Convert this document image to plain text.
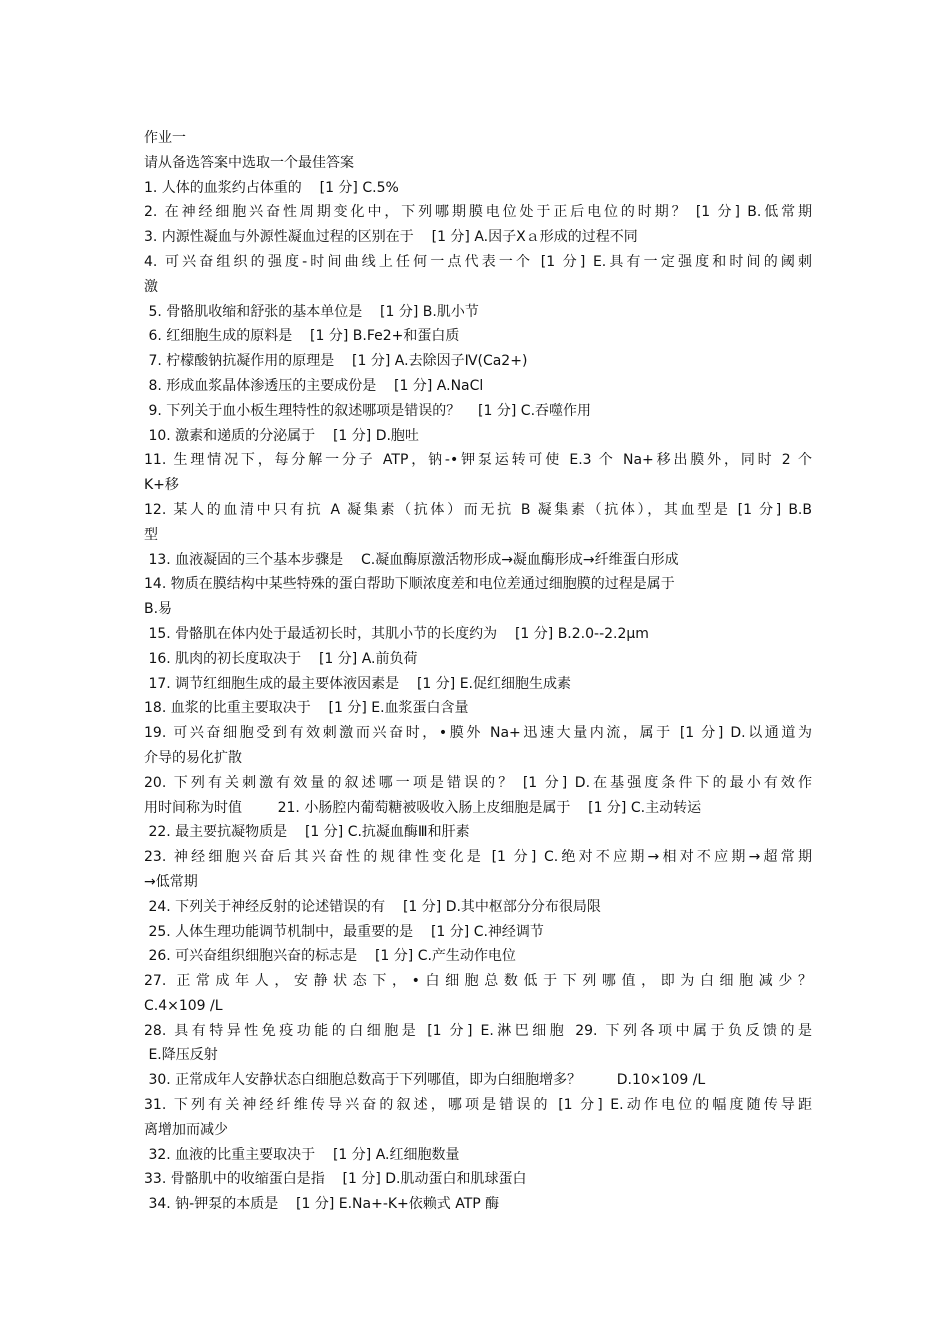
作业一
请从备选答案中选取一个最佳答案
1. 人体的血浆约占体重的    [1 分] C.5%
2. 在神经细胞兴奋性周期变化中，下列哪期膜电位处于正后电位的时期？ [1 分] B.低常期
3. 内源性凝血与外源性凝血过程的区别在于    [1 分] A.因子Ⅹａ形成的过程不同
4. 可兴奋组织的强度-时间曲线上任何一点代表一个 [1 分] E.具有一定强度和时间的阈刺
激
5. 骨骼肌收缩和舒张的基本单位是    [1 分] B.肌小节
6. 红细胞生成的原料是    [1 分] B.Fe2+和蛋白质
7. 柠檬酸钠抗凝作用的原理是    [1 分] A.去除因子Ⅳ(Ca2+)
8. 形成血浆晶体渗透压的主要成份是    [1 分] A.NaCl
9. 下列关于血小板生理特性的叙述哪项是错误的？    [1 分] C.吞噬作用
10. 激素和递质的分泌属于    [1 分] D.胞吐
11. 生理情况下，每分解一分子 ATP，钠-•钾泵运转可使 E.3 个 Na+移出膜外，同时 2 个
K+移
12. 某人的血清中只有抗 A 凝集素（抗体）而无抗 B 凝集素（抗体），其血型是 [1 分] B.B
型
13. 血液凝固的三个基本步骤是    C.凝血酶原激活物形成→凝血酶形成→纤维蛋白形成
14. 物质在膜结构中某些特殊的蛋白帮助下顺浓度差和电位差通过细胞膜的过程是属于
B.易
15. 骨骼肌在体内处于最适初长时，其肌小节的长度约为    [1 分] B.2.0--2.2μm
16. 肌肉的初长度取决于    [1 分] A.前负荷
17. 调节红细胞生成的最主要体液因素是    [1 分] E.促红细胞生成素
18. 血浆的比重主要取决于    [1 分] E.血浆蛋白含量
19. 可兴奋细胞受到有效刺激而兴奋时，•膜外 Na+迅速大量内流，属于 [1 分] D.以通道为
介导的易化扩散
20. 下列有关刺激有效量的叙述哪一项是错误的？ [1 分] D.在基强度条件下的最小有效作
用时间称为时值        21. 小肠腔内葡萄糖被吸收入肠上皮细胞是属于    [1 分] C.主动转运
22. 最主要抗凝物质是    [1 分] C.抗凝血酶Ⅲ和肝素
23. 神经细胞兴奋后其兴奋性的规律性变化是 [1 分] C.绝对不应期→相对不应期→超常期
→低常期
24. 下列关于神经反射的论述错误的有    [1 分] D.其中枢部分分布很局限
25. 人体生理功能调节机制中，最重要的是    [1 分] C.神经调节
26. 可兴奋组织细胞兴奋的标志是    [1 分] C.产生动作电位
27. 正常成年人，安静状态下，•白细胞总数低于下列哪值，即为白细胞减少？
C.4×109 /L
28. 具有特异性免疫功能的白细胞是 [1 分] E.淋巴细胞 29. 下列各项中属于负反馈的是
E.降压反射
30. 正常成年人安静状态白细胞总数高于下列哪值，即为白细胞增多？        D.10×109 /L
31. 下列有关神经纤维传导兴奋的叙述，哪项是错误的 [1 分] E.动作电位的幅度随传导距
离增加而减少
32. 血液的比重主要取决于    [1 分] A.红细胞数量
33. 骨骼肌中的收缩蛋白是指    [1 分] D.肌动蛋白和肌球蛋白
34. 钠-钾泵的本质是    [1 分] E.Na+-K+依赖式 ATP 酶
